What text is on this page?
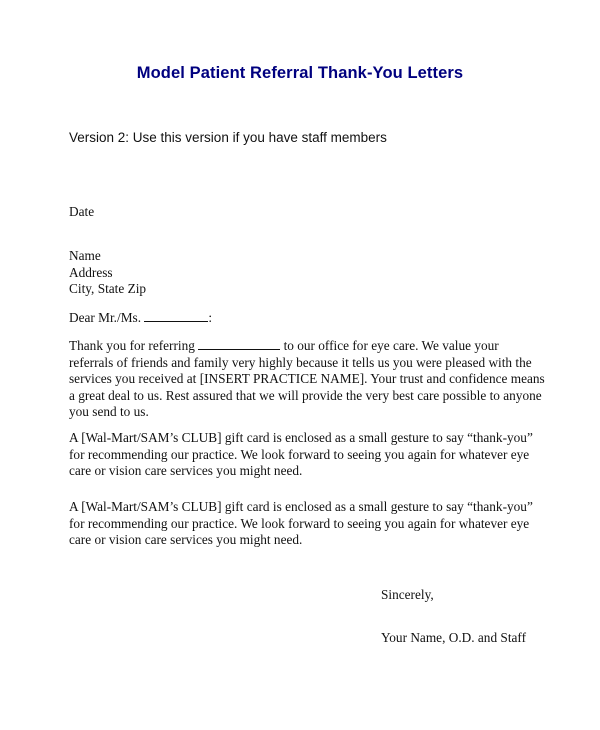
Model Patient Referral Thank-You Letters
Version 2: Use this version if you have staff members
Date
Name
Address
City, State Zip
Dear Mr./Ms.	:
Thank you for referring	to our office for eye care. We value your
referrals of friends and family very highly because it tells us you were pleased with the
services you received at [INSERT PRACTICE NAME]. Your trust and confidence means
a great deal to us. Rest assured that we will provide the very best care possible to anyone
you send to us.
A [Wal-Mart/SAM’s CLUB] gift card is enclosed as a small gesture to say “thank-you”
for recommending our practice. We look forward to seeing you again for whatever eye
care or vision care services you might need.
A [Wal-Mart/SAM’s CLUB] gift card is enclosed as a small gesture to say “thank-you”
for recommending our practice. We look forward to seeing you again for whatever eye
care or vision care services you might need.
Sincerely,
Your Name, O.D. and Staff
